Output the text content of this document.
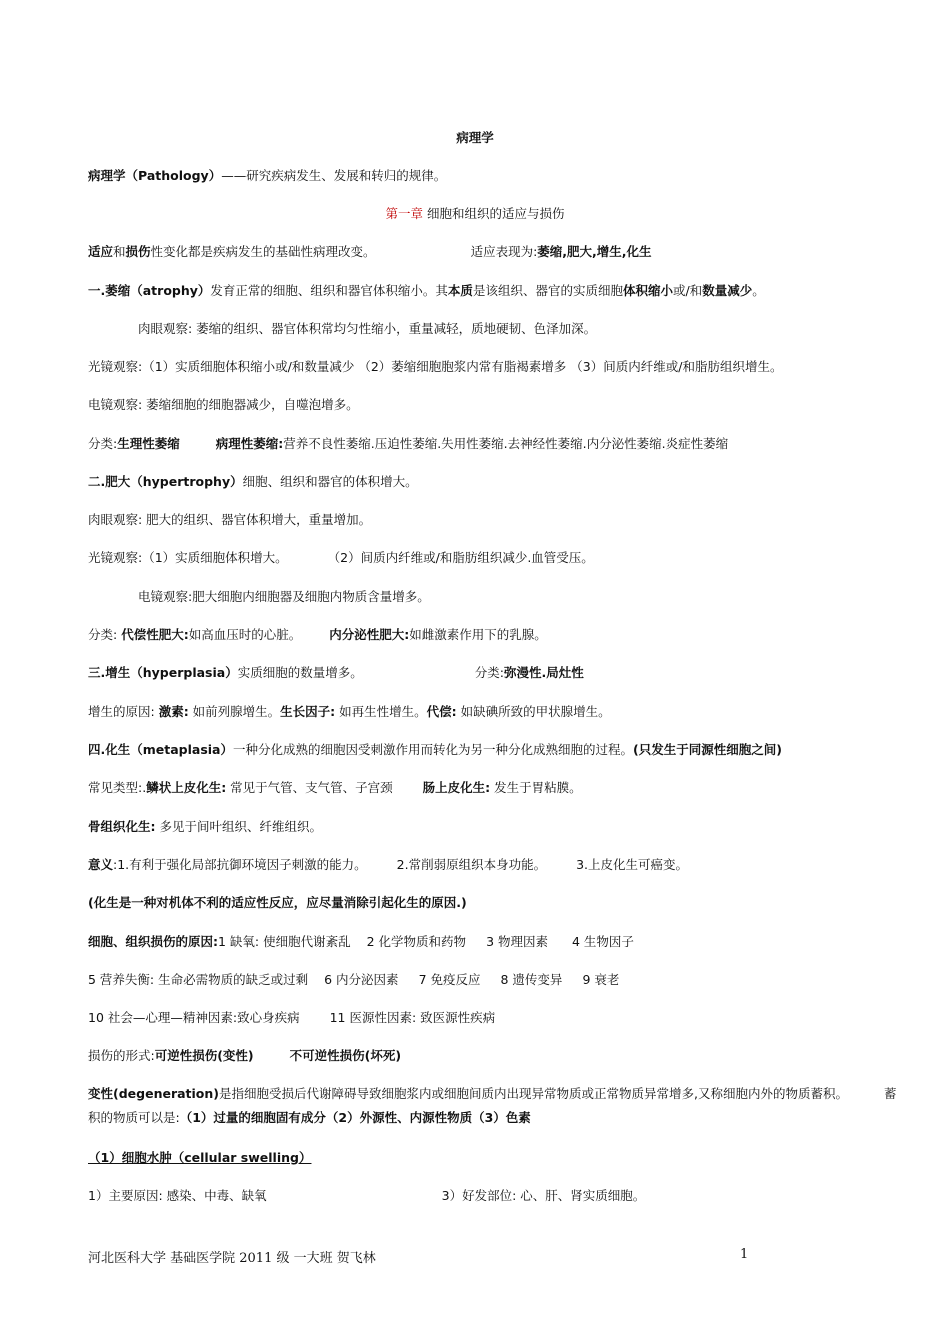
病理学
病理学（Pathology）——研究疾病发生、发展和转归的规律。
第一章 细胞和组织的适应与损伤
适应和损伤性变化都是疾病发生的基础性病理改变。	适应表现为:萎缩,肥大,增生,化生
一.萎缩（atrophy）发育正常的细胞、组织和器官体积缩小。其本质是该组织、器官的实质细胞体积缩小或/和数量减少。
肉眼观察: 萎缩的组织、器官体积常均匀性缩小，重量减轻，质地硬韧、色泽加深。
光镜观察:（1）实质细胞体积缩小或/和数量减少 （2）萎缩细胞胞浆内常有脂褐素增多 （3）间质内纤维或/和脂肪组织增生。
电镜观察: 萎缩细胞的细胞器减少，自噬泡增多。
分类:生理性萎缩	病理性萎缩:营养不良性萎缩.压迫性萎缩.失用性萎缩.去神经性萎缩.内分泌性萎缩.炎症性萎缩
二.肥大（hypertrophy）细胞、组织和器官的体积增大。
肉眼观察: 肥大的组织、器官体积增大，重量增加。
光镜观察:（1）实质细胞体积增大。	（2）间质内纤维或/和脂肪组织减少.血管受压。
电镜观察:肥大细胞内细胞器及细胞内物质含量增多。
分类: 代偿性肥大:如高血压时的心脏。 内分泌性肥大:如雌激素作用下的乳腺。
三.增生（hyperplasia）实质细胞的数量增多。	分类:弥漫性.局灶性
增生的原因: 激素: 如前列腺增生。生长因子: 如再生性增生。代偿: 如缺碘所致的甲状腺增生。
四.化生（metaplasia）一种分化成熟的细胞因受刺激作用而转化为另一种分化成熟细胞的过程。(只发生于同源性细胞之间)
常见类型:.鳞状上皮化生: 常见于气管、支气管、子宫颈 肠上皮化生: 发生于胃粘膜。
骨组织化生: 多见于间叶组织、纤维组织。
意义:1.有利于强化局部抗御环境因子刺激的能力。 2.常削弱原组织本身功能。 3.上皮化生可癌变。
(化生是一种对机体不利的适应性反应，应尽量消除引起化生的原因.)
细胞、组织损伤的原因:1 缺氧: 使细胞代谢紊乱 2 化学物质和药物 3 物理因素 4 生物因子
5 营养失衡: 生命必需物质的缺乏或过剩 6 内分泌因素 7 免疫反应 8 遗传变异 9 衰老
10 社会—心理—精神因素:致心身疾病 11 医源性因素: 致医源性疾病
损伤的形式:可逆性损伤(变性)	不可逆性损伤(坏死)
变性(degeneration)是指细胞受损后代谢障碍导致细胞浆内或细胞间质内出现异常物质或正常物质异常增多,又称细胞内外的物质蓄积。	蓄积的物质可以是:（1）过量的细胞固有成分（2）外源性、内源性物质（3）色素
（1）细胞水肿（cellular swelling）
1）主要原因: 感染、中毒、缺氧	3）好发部位: 心、肝、肾实质细胞。
河北医科大学 基础医学院 2011 级 一大班 贺飞林	1
